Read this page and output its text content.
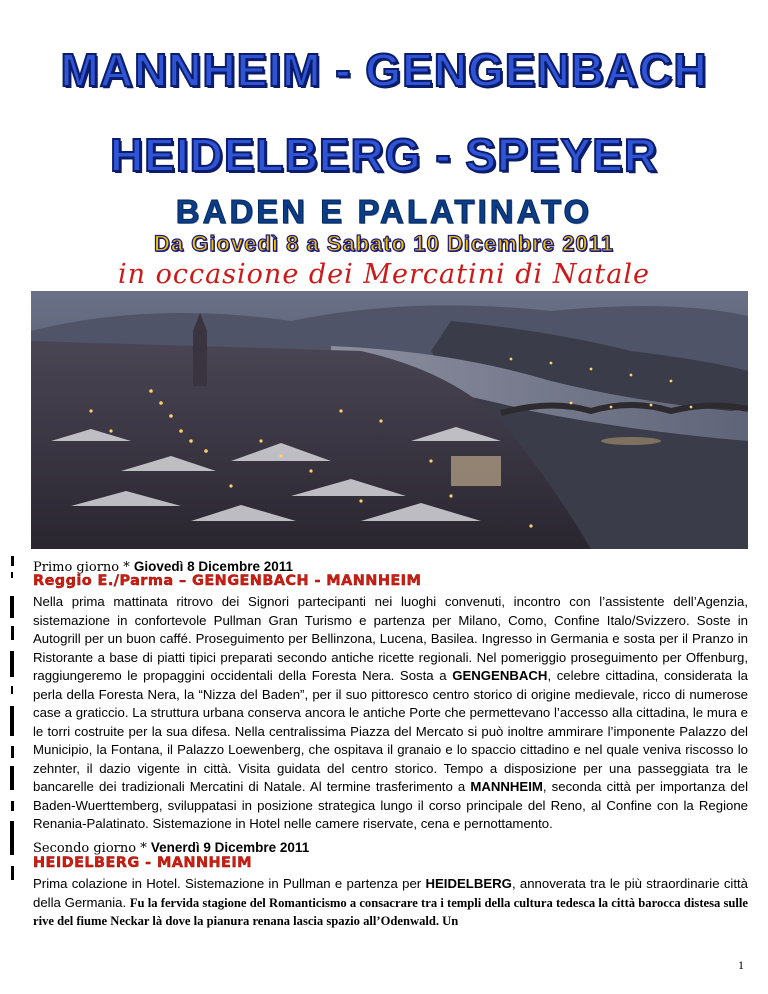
MANNHEIM - GENGENBACH
HEIDELBERG - SPEYER
BADEN E PALATINATO
Da Giovedì 8 a Sabato 10 Dicembre 2011
in occasione dei Mercatini di Natale
Primo giorno * Giovedì 8 Dicembre 2011
Reggio E./Parma – GENGENBACH - MANNHEIM
Nella prima mattinata ritrovo dei Signori partecipanti nei luoghi convenuti, incontro con l’assistente dell’Agenzia, sistemazione in confortevole Pullman Gran Turismo e partenza per Milano, Como, Confine Italo/Svizzero. Soste in Autogrill per un buon caffé. Proseguimento per Bellinzona, Lucena, Basilea. Ingresso in Germania e sosta per il Pranzo in Ristorante a base di piatti tipici preparati secondo antiche ricette regionali. Nel pomeriggio proseguimento per Offenburg, raggiungeremo le propaggini occidentali della Foresta Nera. Sosta a GENGENBACH, celebre cittadina, considerata la perla della Foresta Nera, la “Nizza del Baden”, per il suo pittoresco centro storico di origine medievale, ricco di numerose case a graticcio. La struttura urbana conserva ancora le antiche Porte che permettevano l’accesso alla cittadina, le mura e le torri costruite per la sua difesa. Nella centralissima Piazza del Mercato si può inoltre ammirare l’imponente Palazzo del Municipio, la Fontana, il Palazzo Loewenberg, che ospitava il granaio e lo spaccio cittadino e nel quale veniva riscosso lo zehnter, il dazio vigente in città. Visita guidata del centro storico. Tempo a disposizione per una passeggiata tra le bancarelle dei tradizionali Mercatini di Natale. Al termine trasferimento a MANNHEIM, seconda città per importanza del Baden-Wuerttemberg, sviluppatasi in posizione strategica lungo il corso principale del Reno, al Confine con la Regione Renania-Palatinato. Sistemazione in Hotel nelle camere riservate, cena e pernottamento.
Secondo giorno * Venerdì 9 Dicembre 2011
HEIDELBERG - MANNHEIM
Prima colazione in Hotel. Sistemazione in Pullman e partenza per HEIDELBERG, annoverata tra le più straordinarie città della Germania. Fu la fervida stagione del Romanticismo a consacrare tra i templi della cultura tedesca la città barocca distesa sulle rive del fiume Neckar là dove la pianura renana lascia spazio all’Odenwald. Un
1
